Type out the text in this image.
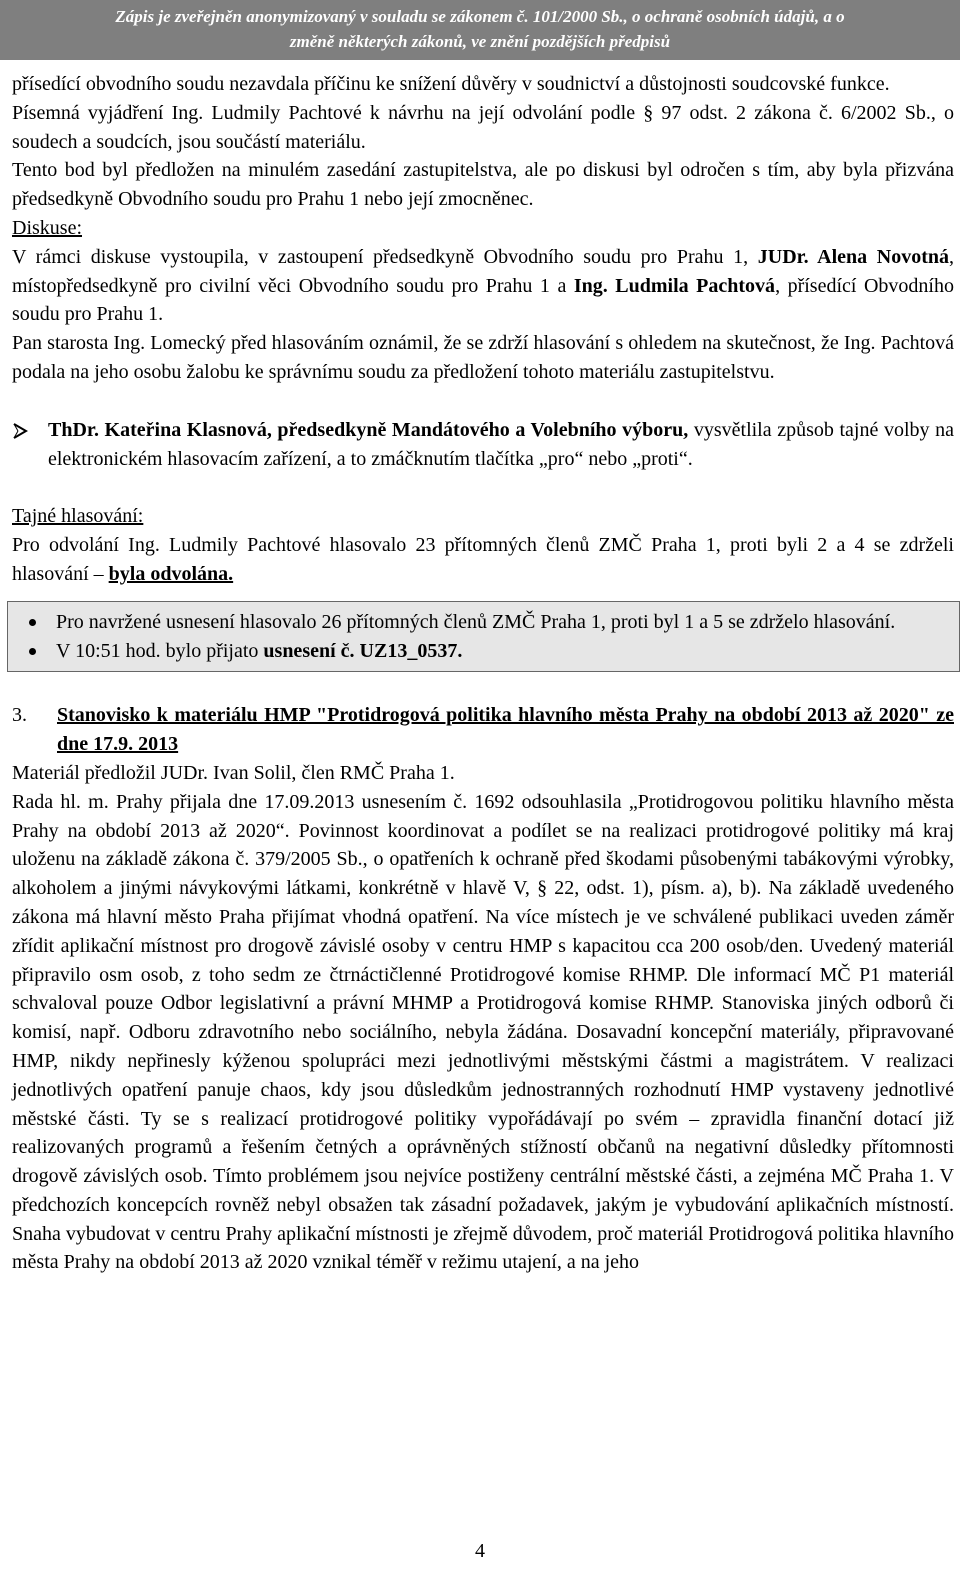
Zápis je zveřejněn anonymizovaný v souladu se zákonem č. 101/2000 Sb., o ochraně osobních údajů, a o
změně některých zákonů, ve znění pozdějších předpisů

přísedící obvodního soudu nezavdala příčinu ke snížení důvěry v soudnictví a důstojnosti soudcovské funkce.

Písemná vyjádření Ing. Ludmily Pachtové k návrhu na její odvolání podle § 97 odst. 2 zákona č. 6/2002 Sb., o soudech a soudcích, jsou součástí materiálu.

Tento bod byl předložen na minulém zasedání zastupitelstva, ale po diskusi byl odročen s tím, aby byla přizvána předsedkyně Obvodního soudu pro Prahu 1 nebo její zmocněnec.

Diskuse:

V rámci diskuse vystoupila, v zastoupení předsedkyně Obvodního soudu pro Prahu 1, JUDr. Alena Novotná, místopředsedkyně pro civilní věci Obvodního soudu pro Prahu 1 a Ing. Ludmila Pachtová, přísedící Obvodního soudu pro Prahu 1.

Pan starosta Ing. Lomecký před hlasováním oznámil, že se zdrží hlasování s ohledem na skutečnost, že Ing. Pachtová podala na jeho osobu žalobu ke správnímu soudu za předložení tohoto materiálu zastupitelstvu.

ThDr. Kateřina Klasnová, předsedkyně Mandátového a Volebního výboru, vysvětlila způsob tajné volby na elektronickém hlasovacím zařízení, a to zmáčknutím tlačítka „pro“ nebo „proti“.

Tajné hlasování:

Pro odvolání Ing. Ludmily Pachtové hlasovalo 23 přítomných členů ZMČ Praha 1, proti byli 2 a 4 se zdrželi hlasování – byla odvolána.

Pro navržené usnesení hlasovalo 26 přítomných členů ZMČ Praha 1, proti byl 1 a 5 se zdrželo hlasování.
V 10:51 hod. bylo přijato usnesení č. UZ13_0537.
3.	Stanovisko k materiálu HMP "Protidrogová politika hlavního města Prahy na období 2013 až 2020" ze dne 17.9. 2013

Materiál předložil JUDr. Ivan Solil, člen RMČ Praha 1.

Rada hl. m. Prahy přijala dne 17.09.2013 usnesením č. 1692 odsouhlasila „Protidrogovou politiku hlavního města Prahy na období 2013 až 2020“. Povinnost koordinovat a podílet se na realizaci protidrogové politiky má kraj uloženu na základě zákona č. 379/2005 Sb., o opatřeních k ochraně před škodami působenými tabákovými výrobky, alkoholem a jinými návykovými látkami, konkrétně v hlavě V, § 22, odst. 1), písm. a), b). Na základě uvedeného zákona má hlavní město Praha přijímat vhodná opatření. Na více místech je ve schválené publikaci uveden záměr zřídit aplikační místnost pro drogově závislé osoby v centru HMP s kapacitou cca 200 osob/den. Uvedený materiál připravilo osm osob, z toho sedm ze čtrnáctičlenné Protidrogové komise RHMP. Dle informací MČ P1 materiál schvaloval pouze Odbor legislativní a právní MHMP a Protidrogová komise RHMP. Stanoviska jiných odborů či komisí, např. Odboru zdravotního nebo sociálního, nebyla žádána. Dosavadní koncepční materiály, připravované HMP, nikdy nepřinesly kýženou spolupráci mezi jednotlivými městskými částmi a magistrátem. V realizaci jednotlivých opatření panuje chaos, kdy jsou důsledkům jednostranných rozhodnutí HMP vystaveny jednotlivé městské části. Ty se s realizací protidrogové politiky vypořádávají po svém – zpravidla finanční dotací již realizovaných programů a řešením četných a oprávněných stížností občanů na negativní důsledky přítomnosti drogově závislých osob. Tímto problémem jsou nejvíce postiženy centrální městské části, a zejména MČ Praha 1. V předchozích koncepcích rovněž nebyl obsažen tak zásadní požadavek, jakým je vybudování aplikačních místností. Snaha vybudovat v centru Prahy aplikační místnosti je zřejmě důvodem, proč materiál Protidrogová politika hlavního města Prahy na období 2013 až 2020 vznikal téměř v režimu utajení, a na jeho

4
